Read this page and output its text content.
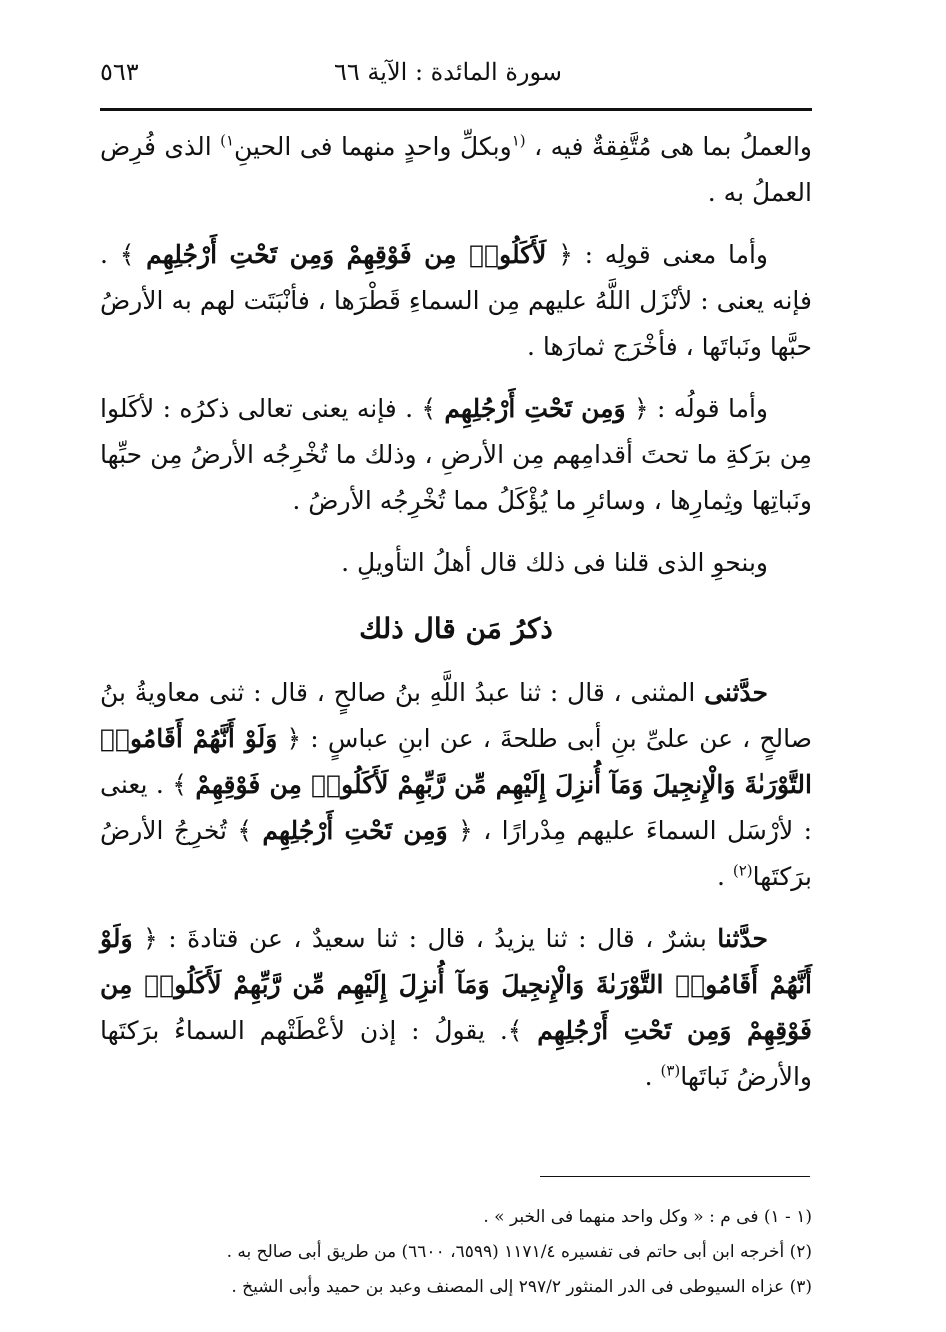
سورة المائدة : الآية ٦٦
٥٦٣

والعملُ بما هى مُتَّفِقةٌ فيه ، $^{(١}$وبكلِّ واحدٍ منهما فى الحينِ$^{١)}$ الذى فُرِض العملُ به .

وأما معنى قولِه : ﴿ لَأَكَلُوا۟ مِن فَوْقِهِمْ وَمِن تَحْتِ أَرْجُلِهِم ﴾ . فإنه يعنى : لأنْزَل اللَّهُ عليهم مِن السماءِ قَطْرَها ، فأنْبَتَت لهم به الأرضُ حبَّها ونَباتَها ، فأخْرَج ثمارَها .

وأما قولُه : ﴿ وَمِن تَحْتِ أَرْجُلِهِم ﴾ . فإنه يعنى تعالى ذكرُه : لأكَلوا مِن برَكةِ ما تحتَ أقدامِهم مِن الأرضِ ، وذلك ما تُخْرِجُه الأرضُ مِن حبِّها ونَباتِها وثِمارِها ، وسائرِ ما يُؤْكَلُ مما تُخْرِجُه الأرضُ .

وبنحوِ الذى قلنا فى ذلك قال أهلُ التأويلِ .

ذكرُ مَن قال ذلك

حدَّثنى المثنى ، قال : ثنا عبدُ اللَّهِ بنُ صالحٍ ، قال : ثنى معاويةُ بنُ صالحٍ ، عن علىِّ بنِ أبى طلحةَ ، عن ابنِ عباسٍ : ﴿ وَلَوْ أَنَّهُمْ أَقَامُوا۟ التَّوْرَىٰةَ وَالْإِنجِيلَ وَمَآ أُنزِلَ إِلَيْهِم مِّن رَّبِّهِمْ لَأَكَلُوا۟ مِن فَوْقِهِمْ ﴾ . يعنى : لأرْسَل السماءَ عليهم مِدْرارًا ، ﴿ وَمِن تَحْتِ أَرْجُلِهِم ﴾ تُخرِجُ الأرضُ برَكتَها$^{(٢)}$ .

حدَّثنا بشرٌ ، قال : ثنا يزيدُ ، قال : ثنا سعيدٌ ، عن قتادةَ : ﴿ وَلَوْ أَنَّهُمْ أَقَامُوا۟ التَّوْرَىٰةَ وَالْإِنجِيلَ وَمَآ أُنزِلَ إِلَيْهِم مِّن رَّبِّهِمْ لَأَكَلُوا۟ مِن فَوْقِهِمْ وَمِن تَحْتِ أَرْجُلِهِم ﴾. يقولُ : إذن لأعْطَتْهم السماءُ برَكتَها والأرضُ نَباتَها$^{(٣)}$ .

(١ - ١) فى م : « وكل واحد منهما فى الخبر » .

(٢) أخرجه ابن أبى حاتم فى تفسيره ١١٧١/٤ (٦٥٩٩، ٦٦٠٠) من طريق أبى صالح به .

(٣) عزاه السيوطى فى الدر المنثور ٢٩٧/٢ إلى المصنف وعبد بن حميد وأبى الشيخ .
